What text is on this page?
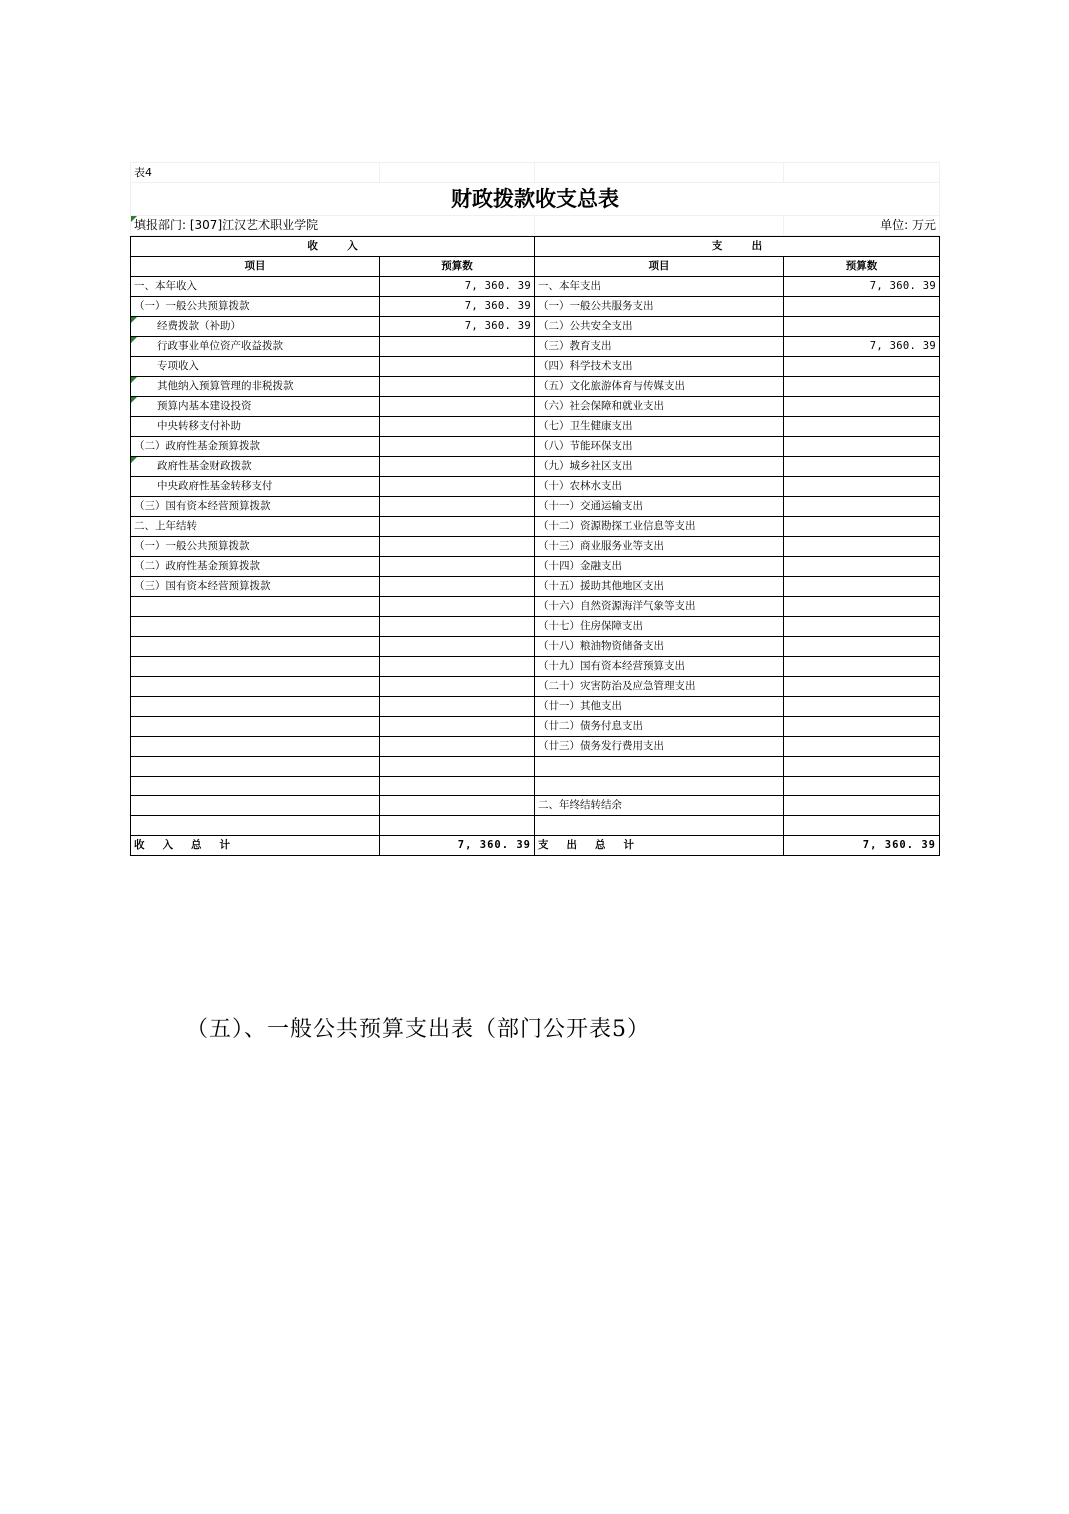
表4			
财政拨款收支总表			
填报部门: [307]江汉艺术职业学院			单位: 万元
收        入		支        出	
项目	预算数	项目	预算数
一、本年收入	7, 360. 39	一、本年支出	7, 360. 39
（一）一般公共预算拨款	7, 360. 39	（一）一般公共服务支出	
经费拨款（补助）	7, 360. 39	（二）公共安全支出	
行政事业单位资产收益拨款		（三）教育支出	7, 360. 39
专项收入		（四）科学技术支出	
其他纳入预算管理的非税拨款		（五）文化旅游体育与传媒支出	
预算内基本建设投资		（六）社会保障和就业支出	
中央转移支付补助		（七）卫生健康支出	
（二）政府性基金预算拨款		（八）节能环保支出	
政府性基金财政拨款		（九）城乡社区支出	
中央政府性基金转移支付		（十）农林水支出	
（三）国有资本经营预算拨款		（十一）交通运输支出	
二、上年结转		（十二）资源勘探工业信息等支出	
（一）一般公共预算拨款		（十三）商业服务业等支出	
（二）政府性基金预算拨款		（十四）金融支出	
（三）国有资本经营预算拨款		（十五）援助其他地区支出	
		（十六）自然资源海洋气象等支出	
		（十七）住房保障支出	
		（十八）粮油物资储备支出	
		（十九）国有资本经营预算支出	
		（二十）灾害防治及应急管理支出	
		（廿一）其他支出	
		（廿二）债务付息支出	
		（廿三）债务发行费用支出	

		二、年终结转结余	

收入总计	7, 360. 39	支出总计	7, 360. 39
（五）、一般公共预算支出表（部门公开表5）
